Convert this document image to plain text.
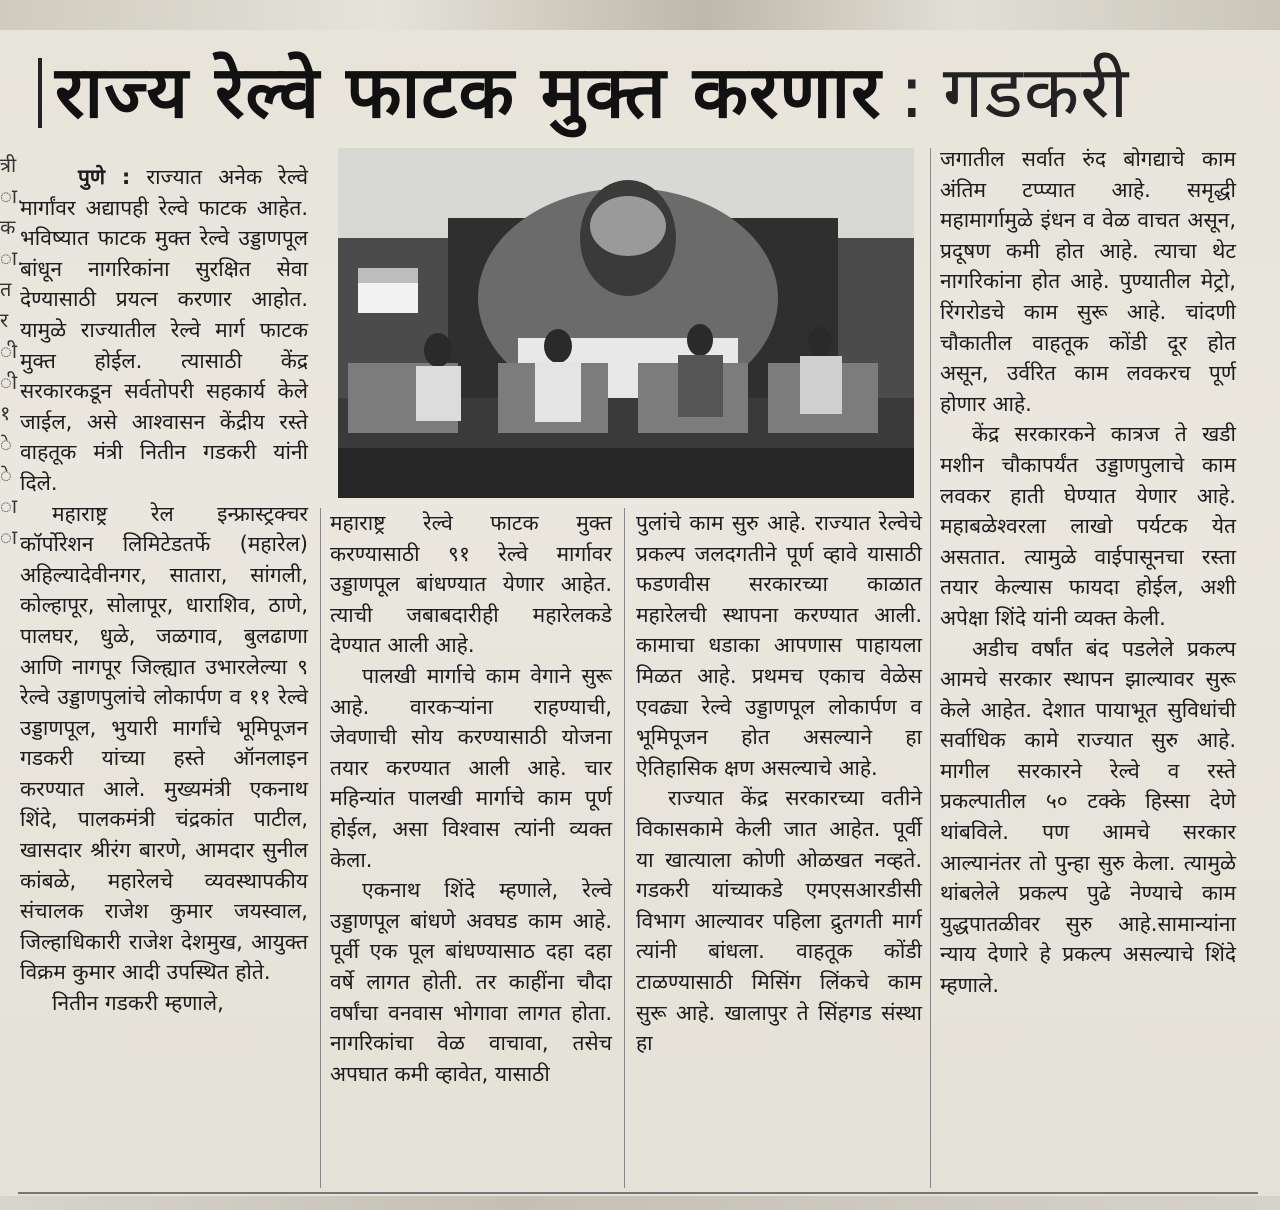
त्री
ा.
क
ा.
त
र
ी
ी
१
े
े
ा
ा
राज्य रेल्वे फाटक मुक्त करणार : गडकरी

पुणे : राज्यात अनेक रेल्वे मार्गांवर अद्यापही रेल्वे फाटक आहेत. भविष्यात फाटक मुक्त रेल्वे उड्डाणपूल बांधून नागरिकांना सुरक्षित सेवा देण्यासाठी प्रयत्न करणार आहोत. यामुळे राज्यातील रेल्वे मार्ग फाटक मुक्त होईल. त्यासाठी केंद्र सरकारकडून सर्वतोपरी सहकार्य केले जाईल, असे आश्वासन केंद्रीय रस्ते वाहतूक मंत्री नितीन गडकरी यांनी दिले.

महाराष्ट्र रेल इन्फ्रास्ट्रक्चर कॉर्पोरेशन लिमिटेडतर्फे (महारेल) अहिल्यादेवीनगर, सातारा, सांगली, कोल्हापूर, सोलापूर, धाराशिव, ठाणे, पालघर, धुळे, जळगाव, बुलढाणा आणि नागपूर जिल्ह्यात उभारलेल्या ९ रेल्वे उड्डाणपुलांचे लोकार्पण व ११ रेल्वे उड्डाणपूल, भुयारी मार्गांचे भूमिपूजन गडकरी यांच्या हस्ते ऑनलाइन करण्यात आले. मुख्यमंत्री एकनाथ शिंदे, पालकमंत्री चंद्रकांत पाटील, खासदार श्रीरंग बारणे, आमदार सुनील कांबळे, महारेलचे व्यवस्थापकीय संचालक राजेश कुमार जयस्वाल, जिल्हाधिकारी राजेश देशमुख, आयुक्त विक्रम कुमार आदी उपस्थित होते.

नितीन गडकरी म्हणाले,

महाराष्ट्र रेल्वे फाटक मुक्त करण्यासाठी ९१ रेल्वे मार्गावर उड्डाणपूल बांधण्यात येणार आहेत. त्याची जबाबदारीही महारेलकडे देण्यात आली आहे.

पालखी मार्गाचे काम वेगाने सुरू आहे. वारकऱ्यांना राहण्याची, जेवणाची सोय करण्यासाठी योजना तयार करण्यात आली आहे. चार महिन्यांत पालखी मार्गाचे काम पूर्ण होईल, असा विश्वास त्यांनी व्यक्त केला.

एकनाथ शिंदे म्हणाले, रेल्वे उड्डाणपूल बांधणे अवघड काम आहे. पूर्वी एक पूल बांधण्यासाठ दहा दहा वर्षे लागत होती. तर काहींना चौदा वर्षांचा वनवास भोगावा लागत होता. नागरिकांचा वेळ वाचावा, तसेच अपघात कमी व्हावेत, यासाठी

पुलांचे काम सुरु आहे. राज्यात रेल्वेचे प्रकल्प जलदगतीने पूर्ण व्हावे यासाठी फडणवीस सरकारच्या काळात महारेलची स्थापना करण्यात आली. कामाचा धडाका आपणास पाहायला मिळत आहे. प्रथमच एकाच वेळेस एवढ्या रेल्वे उड्डाणपूल लोकार्पण व भूमिपूजन होत असल्याने हा ऐतिहासिक क्षण असल्याचे आहे.

राज्यात केंद्र सरकारच्या वतीने विकासकामे केली जात आहेत. पूर्वी या खात्याला कोणी ओळखत नव्हते. गडकरी यांच्याकडे एमएसआरडीसी विभाग आल्यावर पहिला द्रुतगती मार्ग त्यांनी बांधला. वाहतूक कोंडी टाळण्यासाठी मिसिंग लिंकचे काम सुरू आहे. खालापुर ते सिंहगड संस्था हा

जगातील सर्वात रुंद बोगद्याचे काम अंतिम टप्प्यात आहे. समृद्धी महामार्गामुळे इंधन व वेळ वाचत असून, प्रदूषण कमी होत आहे. त्याचा थेट नागरिकांना होत आहे. पुण्यातील मेट्रो, रिंगरोडचे काम सुरू आहे. चांदणी चौकातील वाहतूक कोंडी दूर होत असून, उर्वरित काम लवकरच पूर्ण होणार आहे.

केंद्र सरकारकने कात्रज ते खडी मशीन चौकापर्यंत उड्डाणपुलाचे काम लवकर हाती घेण्यात येणार आहे. महाबळेश्वरला लाखो पर्यटक येत असतात. त्यामुळे वाईपासूनचा रस्ता तयार केल्यास फायदा होईल, अशी अपेक्षा शिंदे यांनी व्यक्त केली.

अडीच वर्षांत बंद पडलेले प्रकल्प आमचे सरकार स्थापन झाल्यावर सुरू केले आहेत. देशात पायाभूत सुविधांची सर्वाधिक कामे राज्यात सुरु आहे. मागील सरकारने रेल्वे व रस्ते प्रकल्पातील ५० टक्के हिस्सा देणे थांबविले. पण आमचे सरकार आल्यानंतर तो पुन्हा सुरु केला. त्यामुळे थांबलेले प्रकल्प पुढे नेण्याचे काम युद्धपातळीवर सुरु आहे.सामान्यांना न्याय देणारे हे प्रकल्प असल्याचे शिंदे म्हणाले.
